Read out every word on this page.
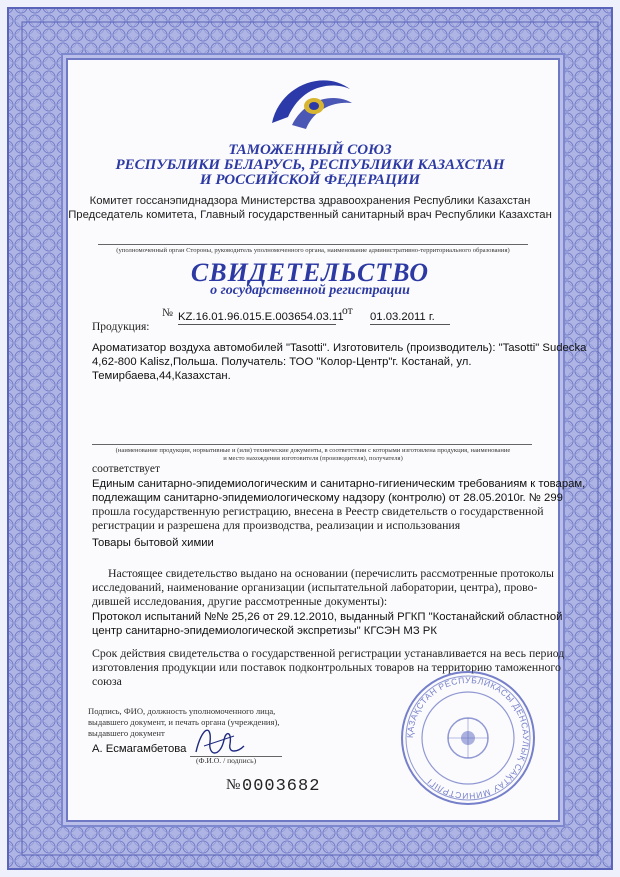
ТАМОЖЕННЫЙ СОЮЗ
РЕСПУБЛИКИ БЕЛАРУСЬ, РЕСПУБЛИКИ КАЗАХСТАН
И РОССИЙСКОЙ ФЕДЕРАЦИИ
Комитет госсанэпиднадзора Министерства здравоохранения Республики Казахстан
Председатель комитета, Главный государственный санитарный врач Республики Казахстан
(уполномоченный орган Стороны, руководитель уполномоченного органа, наименование административно-территориального образования)
СВИДЕТЕЛЬСТВО
о государственной регистрации
№ KZ.16.01.96.015.Е.003654.03.11
от 01.03.2011 г.
Продукция:
Ароматизатор воздуха автомобилей "Tasotti". Изготовитель (производитель): "Tasotti" Sudecka
4,62-800 Kalisz,Польша. Получатель: ТОО "Колор-Центр"г. Костанай, ул.
Темирбаева,44,Казахстан.
(наименование продукции, нормативные и (или) технические документы, в соответствии с которыми изготовлена продукция, наименование
и место нахождения изготовителя (производителя), получателя)
соответствует
Единым санитарно-эпидемиологическим и санитарно-гигиеническим требованиям к товарам,
подлежащим санитарно-эпидемиологическому надзору (контролю) от 28.05.2010г. № 299
прошла государственную регистрацию, внесена в Реестр свидетельств о государственной
регистрации и разрешена для производства, реализации и использования
Товары бытовой химии
Настоящее свидетельство выдано на основании (перечислить рассмотренные протоколы
исследований, наименование организации (испытательной лаборатории, центра), прово-
дившей исследования, другие рассмотренные документы):
Протокол испытаний №№ 25,26 от 29.12.2010, выданный РГКП "Костанайский областной
центр санитарно-эпидемиологической экспретизы" КГСЭН МЗ РК
Срок действия свидетельства о государственной регистрации устанавливается на весь период
изготовления продукции или поставок подконтрольных товаров на территорию таможенного
союза
Подпись, ФИО, должность уполномоченного лица,
выдавшего документ, и печать органа (учреждения),
выдавшего документ
А. Есмагамбетова
(Ф.И.О. / подпись)
№ 0003682
ҚАЗАҚСТАН РЕСПУБЛИКАСЫ ДЕНСАУЛЫҚ САҚТАУ МИНИСТРЛІГІ
